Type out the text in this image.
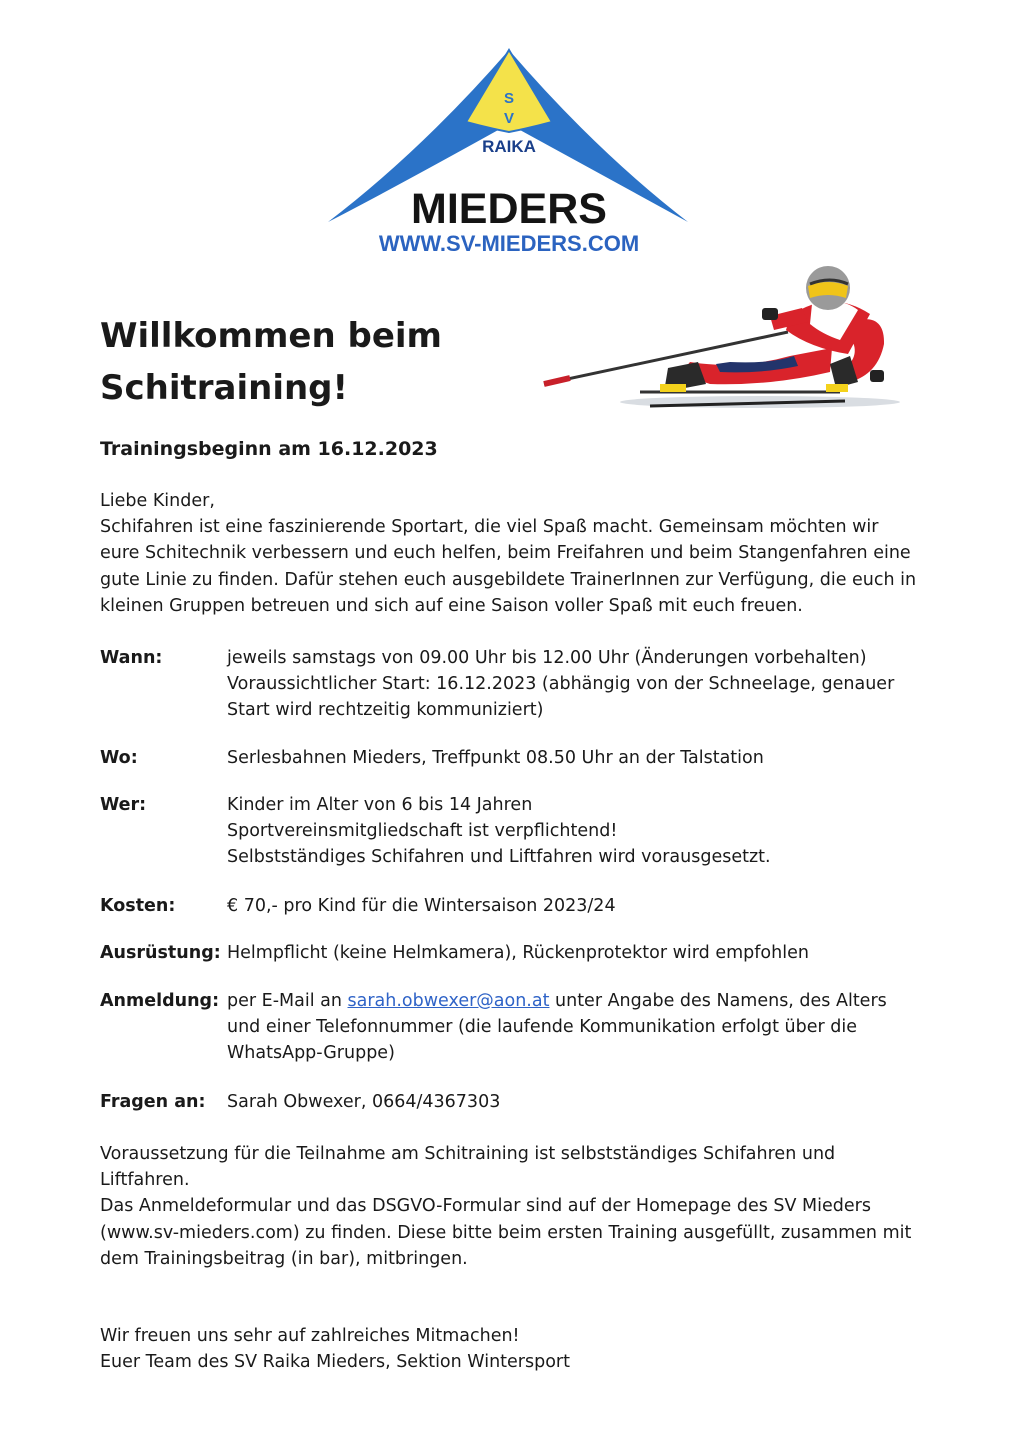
S
V
RAIKA
MIEDERS
WWW.SV-MIEDERS.COM
Willkommen beim
Schitraining!
Trainingsbeginn am 16.12.2023
Liebe Kinder,
Schifahren ist eine faszinierende Sportart, die viel Spaß macht. Gemeinsam möchten wir
eure Schitechnik verbessern und euch helfen, beim Freifahren und beim Stangenfahren eine
gute Linie zu finden. Dafür stehen euch ausgebildete TrainerInnen zur Verfügung, die euch in
kleinen Gruppen betreuen und sich auf eine Saison voller Spaß mit euch freuen.
Wann:	jeweils samstags von 09.00 Uhr bis 12.00 Uhr (Änderungen vorbehalten)
Voraussichtlicher Start: 16.12.2023 (abhängig von der Schneelage, genauer
Start wird rechtzeitig kommuniziert)
Wo:	Serlesbahnen Mieders, Treffpunkt 08.50 Uhr an der Talstation
Wer:	Kinder im Alter von 6 bis 14 Jahren
Sportvereinsmitgliedschaft ist verpflichtend!
Selbstständiges Schifahren und Liftfahren wird vorausgesetzt.
Kosten:	€ 70,- pro Kind für die Wintersaison 2023/24
Ausrüstung: Helmpflicht (keine Helmkamera), Rückenprotektor wird empfohlen
Anmeldung: per E-Mail an sarah.obwexer@aon.at unter Angabe des Namens, des Alters
und einer Telefonnummer (die laufende Kommunikation erfolgt über die
WhatsApp-Gruppe)
Fragen an: Sarah Obwexer, 0664/4367303
Voraussetzung für die Teilnahme am Schitraining ist selbstständiges Schifahren und
Liftfahren.
Das Anmeldeformular und das DSGVO-Formular sind auf der Homepage des SV Mieders
(www.sv-mieders.com) zu finden. Diese bitte beim ersten Training ausgefüllt, zusammen mit
dem Trainingsbeitrag (in bar), mitbringen.
Wir freuen uns sehr auf zahlreiches Mitmachen!
Euer Team des SV Raika Mieders, Sektion Wintersport
